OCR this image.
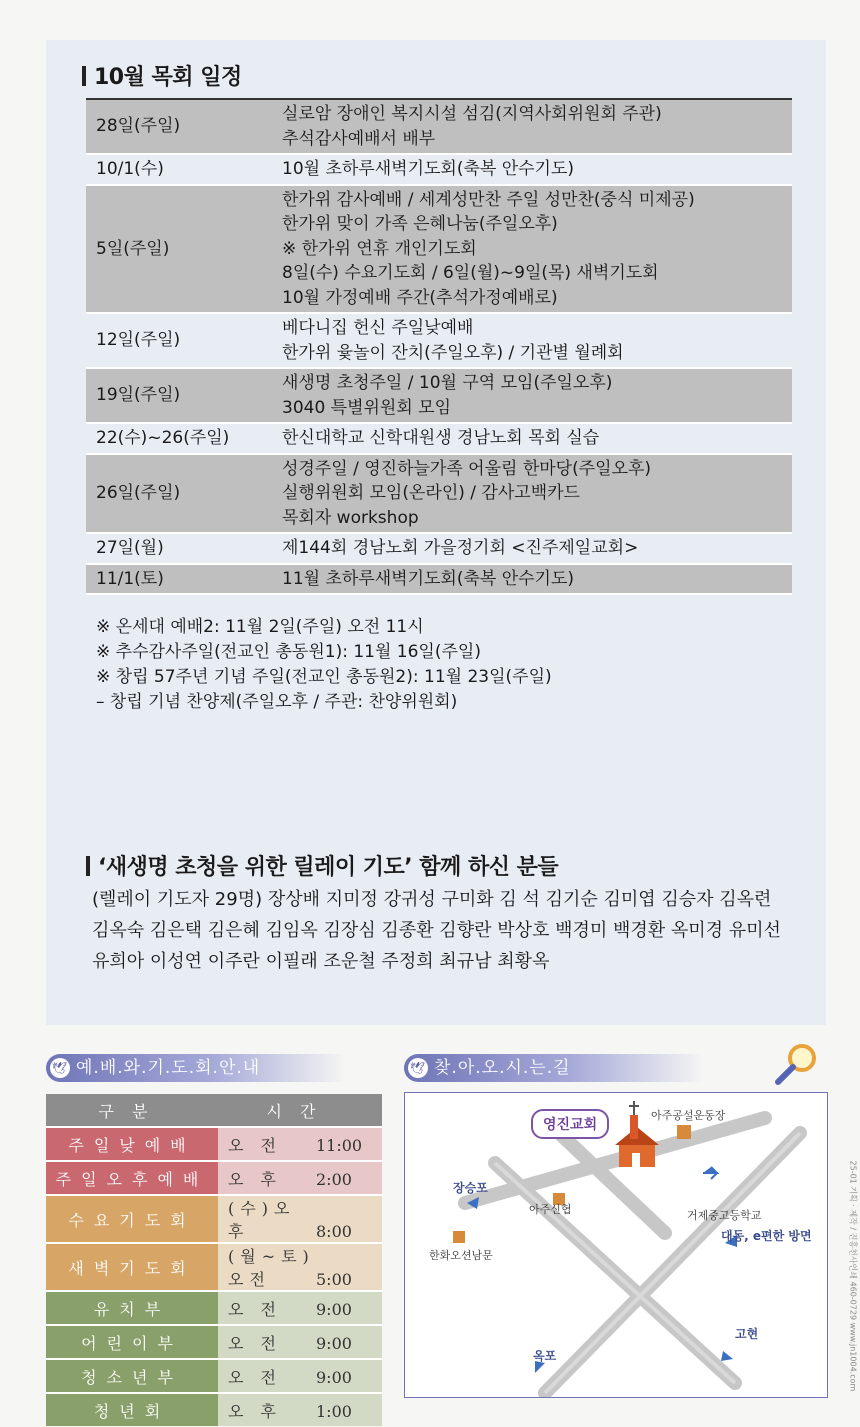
10월 목회 일정
28일(주일)	실로암 장애인 복지시설 섬김(지역사회위원회 주관)
추석감사예배서 배부

10/1(수)	10월 초하루새벽기도회(축복 안수기도)

5일(주일)	한가위 감사예배 / 세계성만찬 주일 성만찬(중식 미제공)
한가위 맞이 가족 은혜나눔(주일오후)
※ 한가위 연휴 개인기도회
8일(수) 수요기도회 / 6일(월)~9일(목) 새벽기도회
10월 가정예배 주간(추석가정예배로)

12일(주일)	베다니집 헌신 주일낮예배
한가위 윷놀이 잔치(주일오후) / 기관별 월례회

19일(주일)	새생명 초청주일 / 10월 구역 모임(주일오후)
3040 특별위원회 모임

22(수)~26(주일)	한신대학교 신학대원생 경남노회 목회 실습

26일(주일)	성경주일 / 영진하늘가족 어울림 한마당(주일오후)
실행위원회 모임(온라인) / 감사고백카드
목회자 workshop

27일(월)	제144회 경남노회 가을정기회 <진주제일교회>

11/1(토)	11월 초하루새벽기도회(축복 안수기도)
※ 온세대 예배2: 11월 2일(주일) 오전 11시
※ 추수감사주일(전교인 총동원1): 11월 16일(주일)
※ 창립 57주년 기념 주일(전교인 총동원2): 11월 23일(주일)
– 창립 기념 찬양제(주일오후 / 주관: 찬양위원회)
‘새생명 초청을 위한 릴레이 기도’ 함께 하신 분들
(렐레이 기도자 29명) 장상배 지미정 강귀성 구미화 김 석 김기순 김미엽 김승자 김옥련 김옥숙 김은택 김은혜 김임옥 김장심 김종환 김향란 박상호 백경미 백경환 옥미경 유미선 유희아 이성연 이주란 이필래 조운철 주정희 최규남 최황옥
🕊 예.배.와.기.도.회.안.내
구분	시간
주일낮예배	오 전 11:00
주일오후예배	오 후 2:00
수요기도회	(수)오후 8:00
새벽기도회	(월~토)오전 5:00
유치부	오 전 9:00
어린이부	오 전 9:00
청소년부	오 전 9:00
청년회	오 후 1:00
🕊 찾.아.오.시.는.길
영진교회
아주공설운동장
장승포
아주신협	거제중고등학교
한화오션남문
대동, e편한 방면
고현
옥포	25-01 기획 · 제작 / 진흥천사인쇄 460-0729 www.jn1004.com
